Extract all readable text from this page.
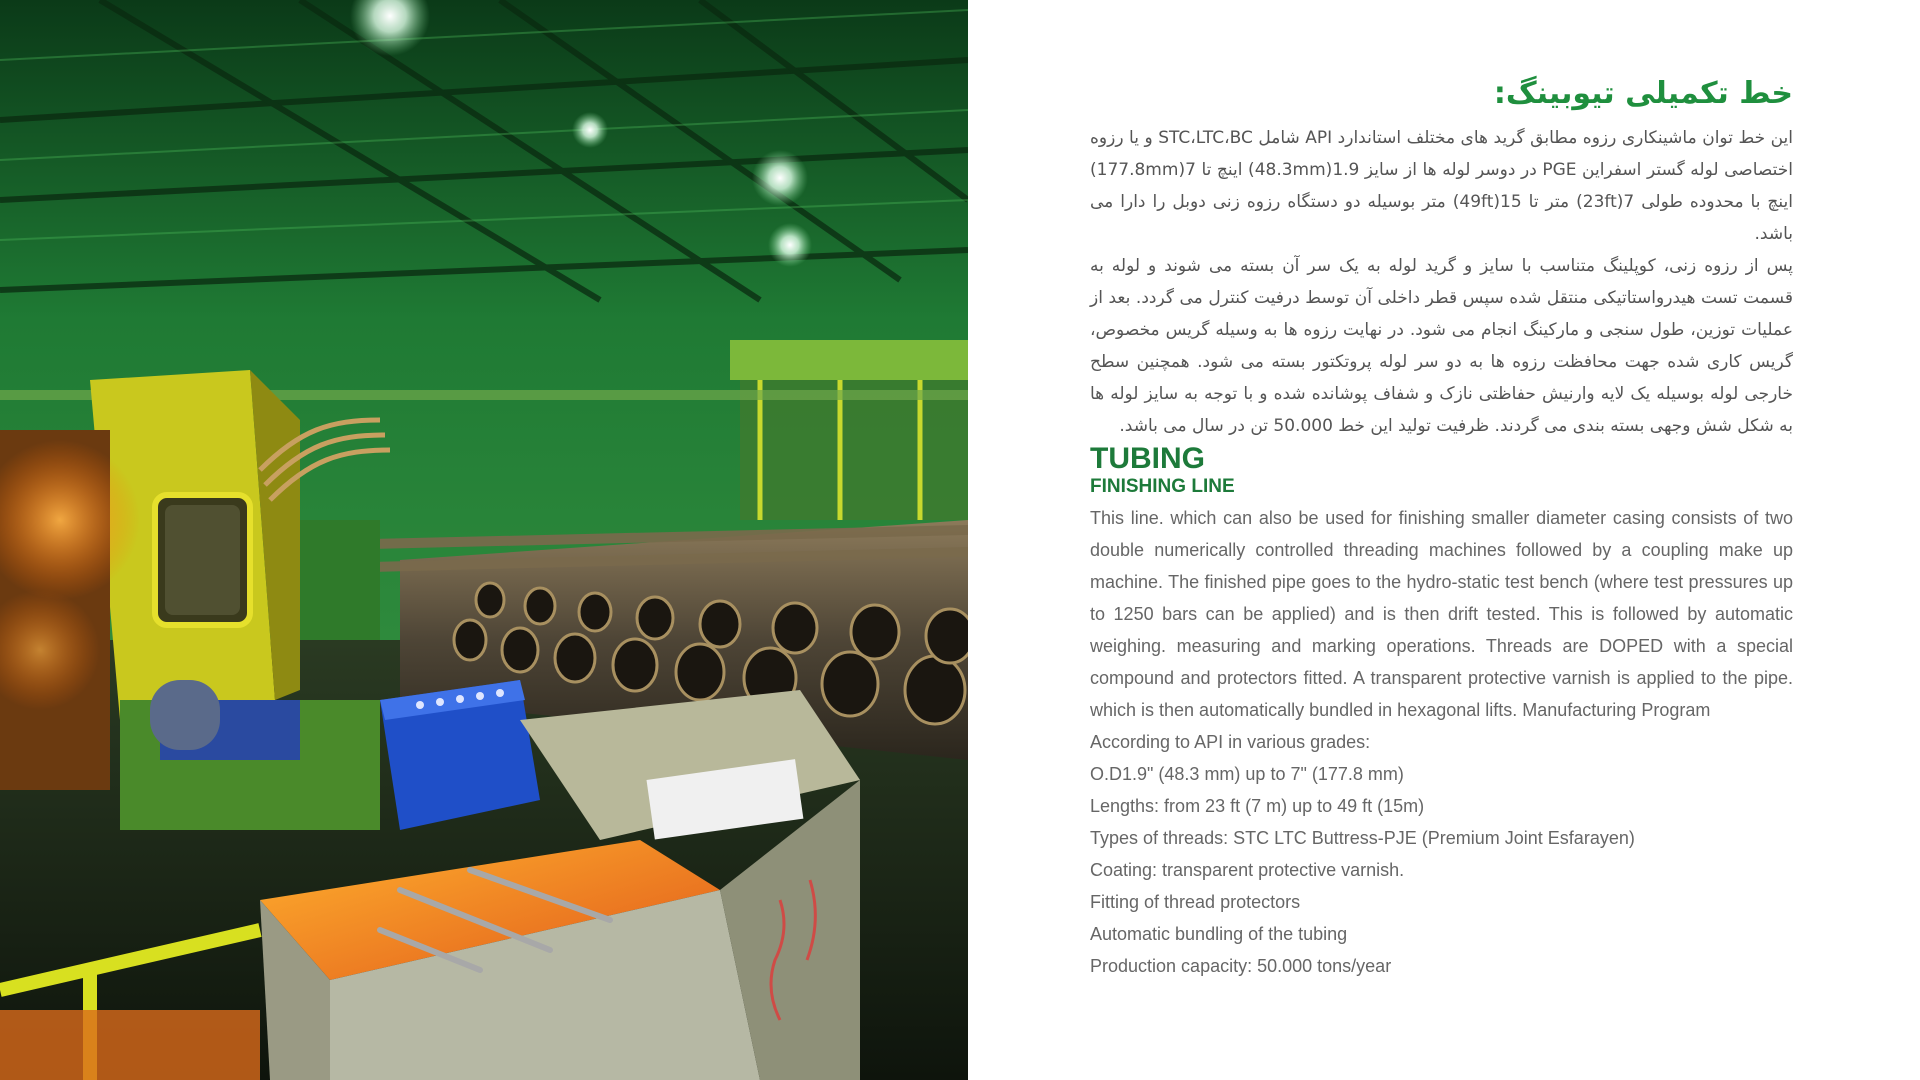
خط تکمیلی تیوبینگ:

این خط توان ماشینکاری رزوه مطابق گرید های مختلف استاندارد API شامل STC،LTC،BC و یا رزوه اختصاصی لوله گستر اسفراین PGE در دوسر لوله ها از سایز 1.9(48.3mm) اینچ تا 7(177.8mm) اینچ با محدوده طولی 7(23ft) متر تا 15(49ft) متر بوسیله دو دستگاه رزوه زنی دوبل را دارا می باشد.

پس از رزوه زنی، کوپلینگ متناسب با سایز و گرید لوله به یک سر آن بسته می شوند و لوله به قسمت تست هیدرواستاتیکی منتقل شده سپس قطر داخلی آن توسط درفیت کنترل می گردد. بعد از عملیات توزین، طول سنجی و مارکینگ انجام می شود. در نهایت رزوه ها به وسیله گریس مخصوص، گریس کاری شده جهت محافظت رزوه ها به دو سر لوله پروتکتور بسته می شود. همچنین سطح خارجی لوله بوسیله یک لایه وارنیش حفاظتی نازک و شفاف پوشانده شده و با توجه به سایز لوله ها به شکل شش وجهی بسته بندی می گردند. ظرفیت تولید این خط 50.000 تن در سال می باشد.

TUBING
FINISHING LINE

This line. which can also be used for finishing smaller diameter casing consists of two double numerically controlled threading machines followed by a coupling make up machine. The finished pipe goes to the hydro-static test bench (where test pressures up to 1250 bars can be applied) and is then drift tested. This is followed by automatic weighing. measuring and marking operations. Threads are DOPED with a special compound and protectors fitted. A transparent protective varnish is applied to the pipe. which is then automatically bundled in hexagonal lifts. Manufacturing Program

According to API in various grades:
O.D1.9" (48.3 mm) up to 7" (177.8 mm)
Lengths: from 23 ft (7 m) up to 49 ft (15m)
Types of threads: STC LTC Buttress-PJE (Premium Joint Esfarayen)
Coating: transparent protective varnish.
Fitting of thread protectors
Automatic bundling of the tubing
Production capacity: 50.000 tons/year
